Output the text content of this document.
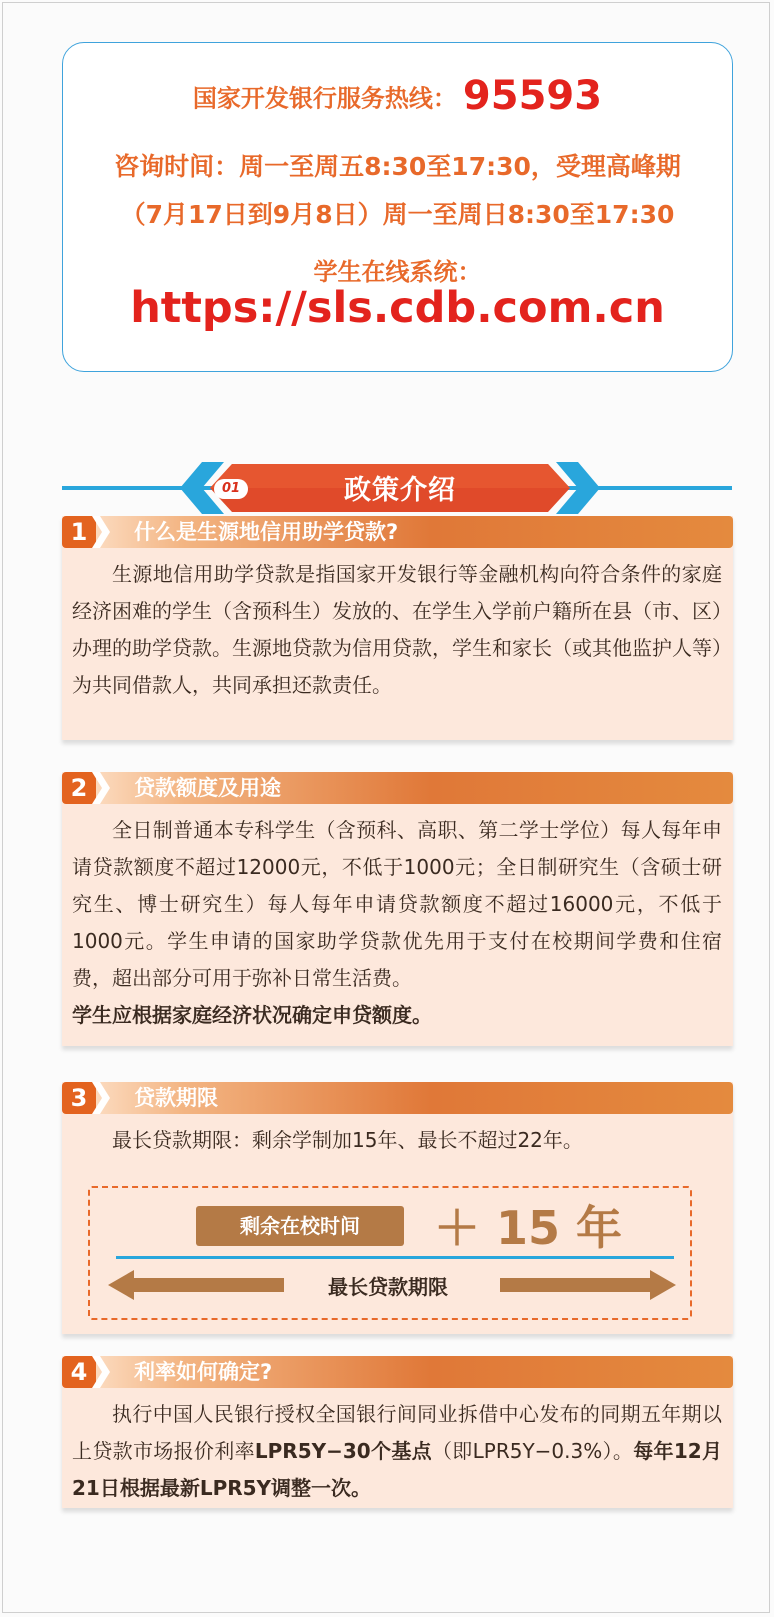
国家开发银行服务热线： 95593
咨询时间：周一至周五8:30至17:30，受理高峰期
（7月17日到9月8日）周一至周日8:30至17:30
学生在线系统：
https://sls.cdb.com.cn
01	政策介绍
1	什么是生源地信用助学贷款?
生源地信用助学贷款是指国家开发银行等金融机构向符合条件的家庭经济困难的学生（含预科生）发放的、在学生入学前户籍所在县（市、区）办理的助学贷款。生源地贷款为信用贷款，学生和家长（或其他监护人等）为共同借款人，共同承担还款责任。
2	贷款额度及用途
全日制普通本专科学生（含预科、高职、第二学士学位）每人每年申请贷款额度不超过12000元，不低于1000元；全日制研究生（含硕士研究生、博士研究生）每人每年申请贷款额度不超过16000元，不低于1000元。学生申请的国家助学贷款优先用于支付在校期间学费和住宿费，超出部分可用于弥补日常生活费。
学生应根据家庭经济状况确定申贷额度。
3	贷款期限
最长贷款期限：剩余学制加15年、最长不超过22年。
剩余在校时间	＋ 15 年
最长贷款期限
4	利率如何确定?
执行中国人民银行授权全国银行间同业拆借中心发布的同期五年期以上贷款市场报价利率LPR5Y−30个基点（即LPR5Y−0.3%）。每年12月21日根据最新LPR5Y调整一次。
